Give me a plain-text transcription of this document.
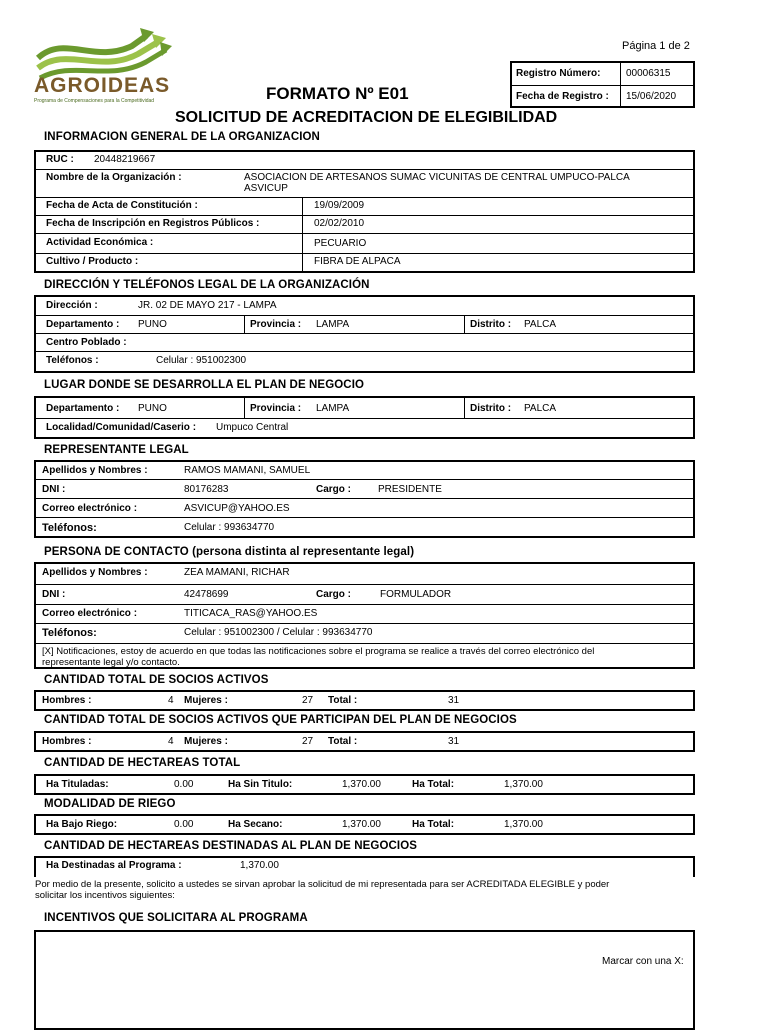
AGROIDEAS
Programa de Compensaciones para la Competitividad
Página 1 de 2
FORMATO Nº E01
Registro Número:	00006315
Fecha de Registro : 15/06/2020
SOLICITUD DE ACREDITACION DE ELEGIBILIDAD
INFORMACION GENERAL DE LA ORGANIZACION
RUC : 20448219667
Nombre de la Organización :	ASOCIACION DE ARTESANOS SUMAC VICUNITAS DE CENTRAL UMPUCO-PALCA
ASVICUP
Fecha de Acta de Constitución :	19/09/2009
Fecha de Inscripción en Registros Públicos :	02/02/2010
Actividad Económica :	PECUARIO
Cultivo / Producto :	FIBRA DE ALPACA
DIRECCIÓN Y TELÉFONOS LEGAL DE LA ORGANIZACIÓN
Dirección :	JR. 02 DE MAYO 217 - LAMPA
Departamento : PUNO	Provincia : LAMPA	Distrito : PALCA
Centro Poblado :
Teléfonos :	Celular : 951002300
LUGAR DONDE SE DESARROLLA EL PLAN DE NEGOCIO
Departamento : PUNO	Provincia : LAMPA	Distrito : PALCA
Localidad/Comunidad/Caserio : Umpuco Central
REPRESENTANTE LEGAL
Apellidos y Nombres :	RAMOS MAMANI, SAMUEL
DNI :	80176283	Cargo :	PRESIDENTE
Correo electrónico :	ASVICUP@YAHOO.ES
Teléfonos:	Celular : 993634770
PERSONA DE CONTACTO (persona distinta al representante legal)
Apellidos y Nombres :	ZEA MAMANI, RICHAR
DNI :	42478699	Cargo :	FORMULADOR
Correo electrónico :	TITICACA_RAS@YAHOO.ES
Teléfonos:	Celular : 951002300 / Celular : 993634770
[X] Notificaciones, estoy de acuerdo en que todas las notificaciones sobre el programa se realice a través del correo electrónico del
representante legal y/o contacto.
CANTIDAD TOTAL DE SOCIOS ACTIVOS
Hombres :	4 Mujeres :	27 Total :	31
CANTIDAD TOTAL DE SOCIOS ACTIVOS QUE PARTICIPAN DEL PLAN DE NEGOCIOS
Hombres :	4 Mujeres :	27 Total :	31
CANTIDAD DE HECTAREAS TOTAL
Ha Tituladas:	0.00	Ha Sin Titulo:	1,370.00	Ha Total:	1,370.00
MODALIDAD DE RIEGO
Ha Bajo Riego:	0.00	Ha Secano:	1,370.00	Ha Total:	1,370.00
CANTIDAD DE HECTAREAS DESTINADAS AL PLAN DE NEGOCIOS
Ha Destinadas al Programa :	1,370.00
Por medio de la presente, solicito a ustedes se sirvan aprobar la solicitud de mi representada para ser ACREDITADA ELEGIBLE y poder
solicitar los incentivos siguientes:
INCENTIVOS QUE SOLICITARA AL PROGRAMA
Marcar con una X:
